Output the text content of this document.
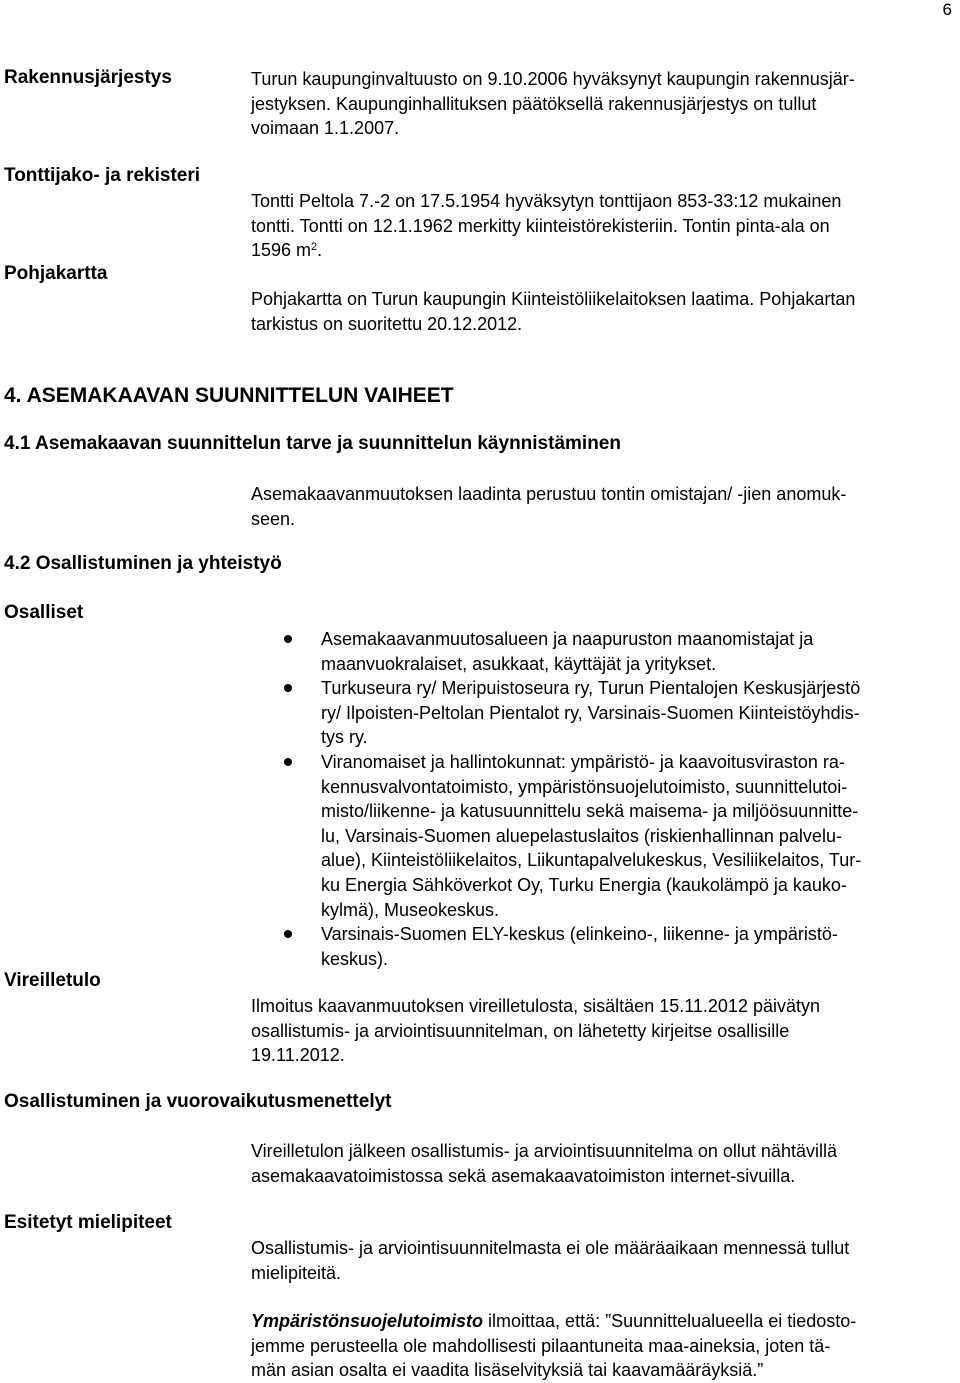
6
Rakennusjärjestys	Turun kaupunginvaltuusto on 9.10.2006 hyväksynyt kaupungin rakennusjär-

jestyksen. Kaupunginhallituksen päätöksellä rakennusjärjestys on tullut

voimaan 1.1.2007.

Tonttijako- ja rekisteri

Tontti Peltola 7.-2 on 17.5.1954 hyväksytyn tonttijaon 853-33:12 mukainen

tontti. Tontti on 12.1.1962 merkitty kiinteistörekisteriin. Tontin pinta-ala on

1596 $m^2$.

Pohjakartta

Pohjakartta on Turun kaupungin Kiinteistöliikelaitoksen laatima. Pohjakartan

tarkistus on suoritettu 20.12.2012.

4. ASEMAKAAVAN SUUNNITTELUN VAIHEET
4.1 Asemakaavan suunnittelun tarve ja suunnittelun käynnistäminen

Asemakaavanmuutoksen laadinta perustuu tontin omistajan/ -jien anomuk-

seen.

4.2 Osallistuminen ja yhteistyö
Osalliset
Asemakaavanmuutosalueen ja naapuruston maanomistajat ja
maanvuokralaiset, asukkaat, käyttäjät ja yritykset.
Turkuseura ry/ Meripuistoseura ry, Turun Pientalojen Keskusjärjestö
ry/ Ilpoisten-Peltolan Pientalot ry, Varsinais-Suomen Kiinteistöyhdis-
tys ry.
Viranomaiset ja hallintokunnat: ympäristö- ja kaavoitusviraston ra-
kennusvalvontatoimisto, ympäristönsuojelutoimisto, suunnittelutoi-
misto/liikenne- ja katusuunnittelu sekä maisema- ja miljöösuunnitte-
lu, Varsinais-Suomen aluepelastuslaitos (riskienhallinnan palvelu-
alue), Kiinteistöliikelaitos, Liikuntapalvelukeskus, Vesiliikelaitos, Tur-
ku Energia Sähköverkot Oy, Turku Energia (kaukolämpö ja kauko-
kylmä), Museokeskus.
Varsinais-Suomen ELY-keskus (elinkeino-, liikenne- ja ympäristö-
keskus).
Vireilletulo

Ilmoitus kaavanmuutoksen vireilletulosta, sisältäen 15.11.2012 päivätyn

osallistumis- ja arviointisuunnitelman, on lähetetty kirjeitse osallisille

19.11.2012.

Osallistuminen ja vuorovaikutusmenettelyt

Vireilletulon jälkeen osallistumis- ja arviointisuunnitelma on ollut nähtävillä

asemakaavatoimistossa sekä asemakaavatoimiston internet-sivuilla.

Esitetyt mielipiteet

Osallistumis- ja arviointisuunnitelmasta ei ole määräaikaan mennessä tullut

mielipiteitä.

Ympäristönsuojelutoimisto ilmoittaa, että: ”Suunnittelualueella ei tiedosto-

jemme perusteella ole mahdollisesti pilaantuneita maa-aineksia, joten tä-

män asian osalta ei vaadita lisäselvityksiä tai kaavamääräyksiä.”
